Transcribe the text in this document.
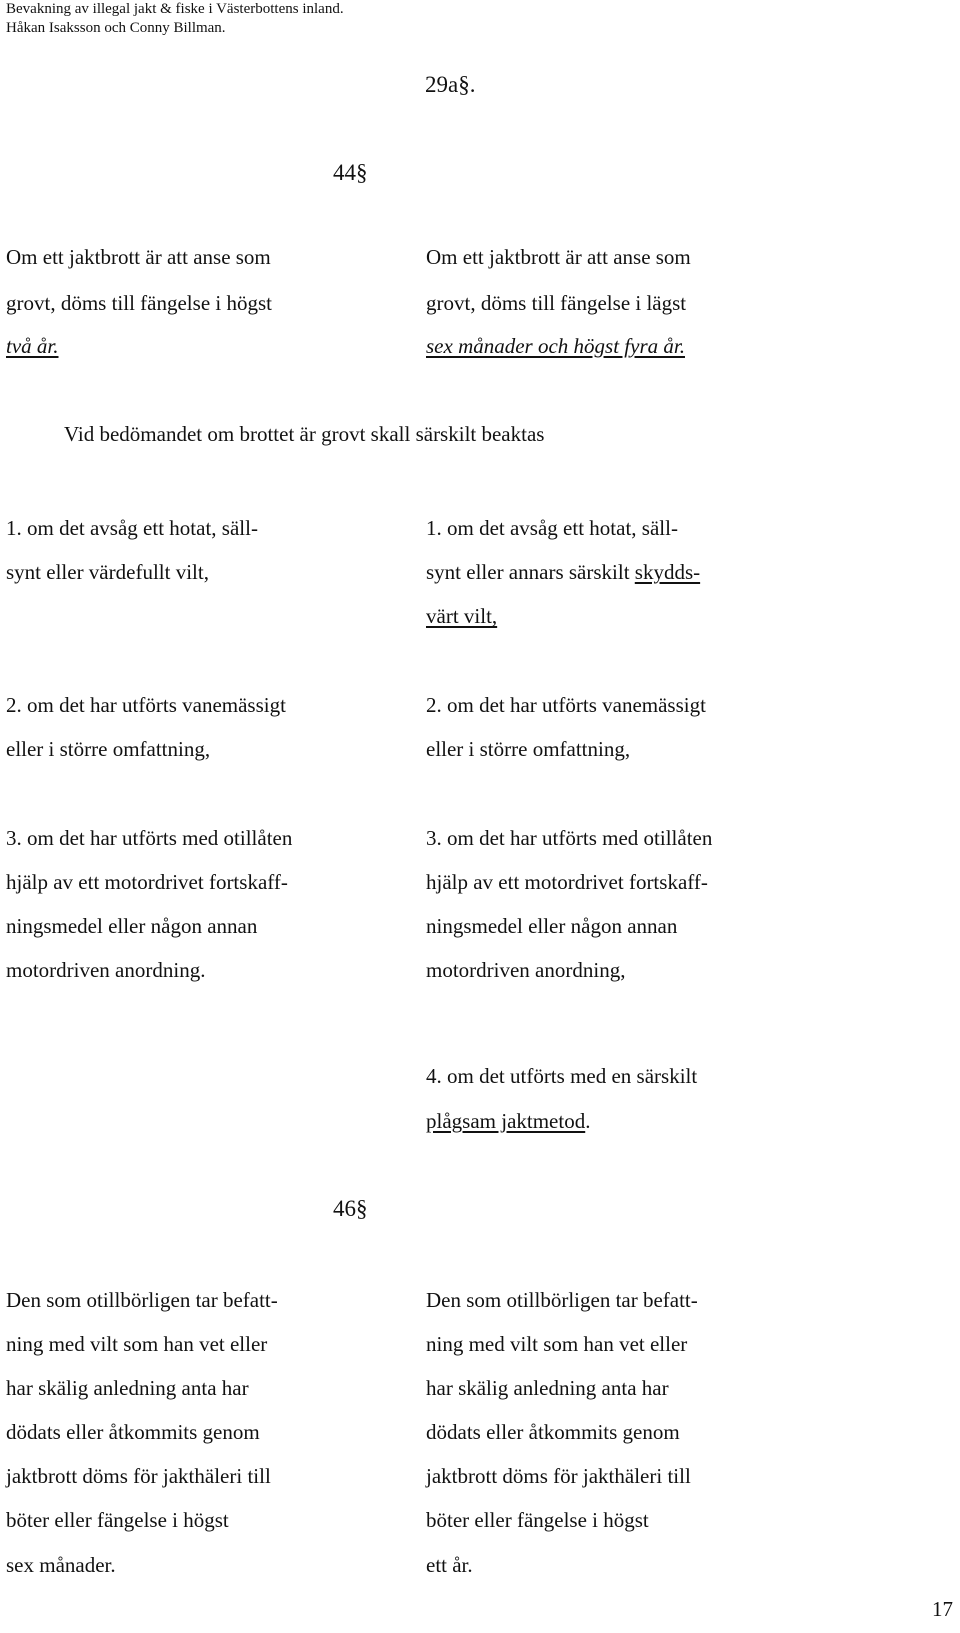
Bevakning av illegal jakt & fiske i Västerbottens inland.
Håkan Isaksson och Conny Billman.
29a§.
44§
Om ett jaktbrott är att anse som
grovt, döms till fängelse i högst
två år.
Om ett jaktbrott är att anse som
grovt, döms till fängelse i lägst
sex månader och högst fyra år.
Vid bedömandet om brottet är grovt skall särskilt beaktas
1. om det avsåg ett hotat, säll-
synt eller värdefullt vilt,
1. om det avsåg ett hotat, säll-
synt eller annars särskilt skydds-
värt vilt,
2. om det har utförts vanemässigt
eller i större omfattning,
2. om det har utförts vanemässigt
eller i större omfattning,
3. om det har utförts med otillåten
hjälp av ett motordrivet fortskaff-
ningsmedel eller någon annan
motordriven anordning.
3. om det har utförts med otillåten
hjälp av ett motordrivet fortskaff-
ningsmedel eller någon annan
motordriven anordning,
4. om det utförts med en särskilt
plågsam jaktmetod.
46§
Den som otillbörligen tar befatt-
ning med vilt som han vet eller
har skälig anledning anta har
dödats eller åtkommits genom
jaktbrott döms för jakthäleri till
böter eller fängelse i högst
sex månader.
Den som otillbörligen tar befatt-
ning med vilt som han vet eller
har skälig anledning anta har
dödats eller åtkommits genom
jaktbrott döms för jakthäleri till
böter eller fängelse i högst
ett år.
17
